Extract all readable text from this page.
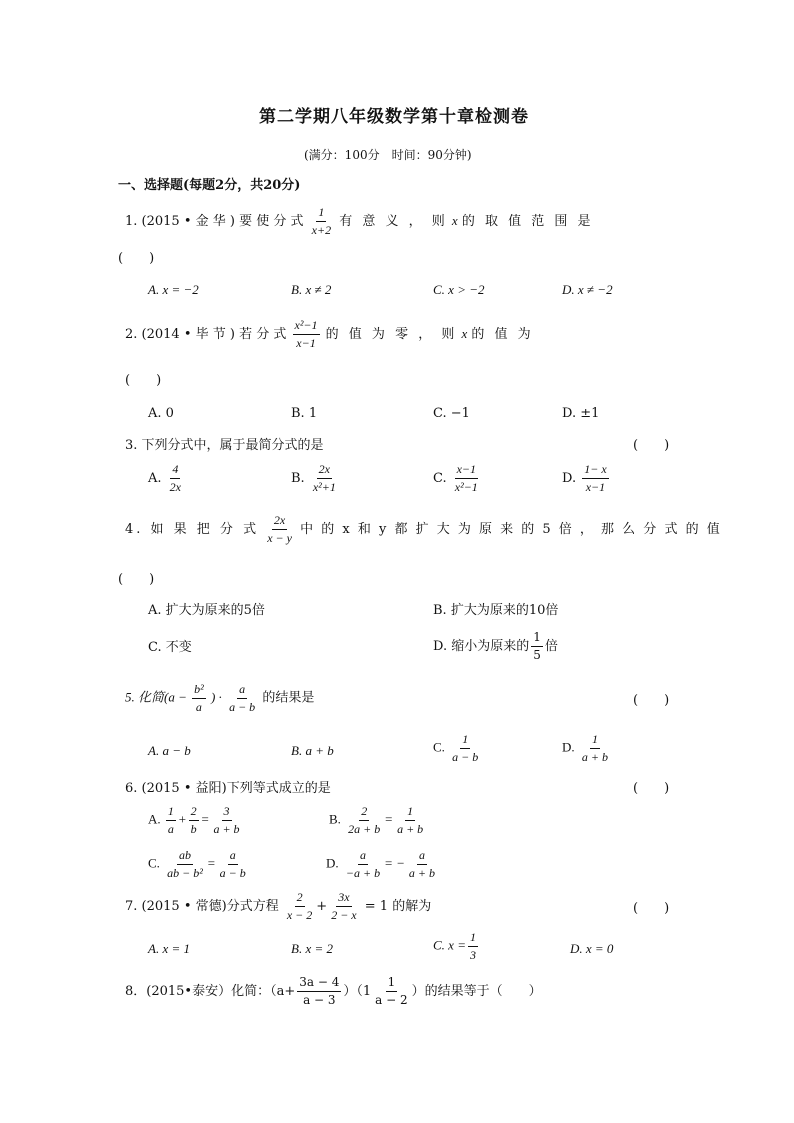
第二学期八年级数学第十章检测卷
(满分：100分　时间：90分钟)
一、选择题(每题2分，共20分)
1. (2015 • 金 华 ) 要 使 分 式 $\frac{1}{x+2}$ 有 意 义 ， 则 x 的 取 值 范 围 是
(　　)
A. x = −2	B. x ≠ 2	C. x > −2	D. x ≠ −2
2. (2014 • 毕 节 ) 若 分 式 $\frac{\text{x²−1}}{x-1}$ 的 值 为 零 ， 则 x 的 值 为
(　　)
A. 0	B. 1	C. −1	D. ±1
3. 下列分式中，属于最简分式的是	(　　)
A. $\frac{4}{2x}$	B. $\frac{2x}{\text{x²+1}}$	C. $\frac{x-1}{\text{x²−1}}$	D. $\frac{1- x}{x-1}$
4. 如 果 把 分 式 $\frac{2x}{x - y}$ 中 的 x 和 y 都 扩 大 为 原 来 的 5 倍 ， 那 么 分 式 的 值
(　　)
A. 扩大为原来的5倍	B. 扩大为原来的10倍
C. 不变	D. 缩小为原来的 $\frac{1}{5}$ 倍
5. 化简($a - \frac{\text{b²}}{a}$ ) · $\frac{a}{a - b}$ 的结果是	(　　)
A. a − b	B. a + b	C. $\frac{1}{a - b}$	D. $\frac{1}{a + b}$
6. (2015 • 益阳)下列等式成立的是	(　　)
A. $\frac{1}{a} + \frac{2}{b} = \frac{3}{a + b}$	B. $\frac{2}{2a + b} = \frac{1}{a + b}$
C. $\frac{ab}{\text{ab − b²}} = \frac{a}{a - b}$	D. $\frac{a}{-a + b}$ = − $\frac{a}{a + b}$
7. (2015 • 常德)分式方程 $\frac{2}{x - 2} + \frac{3x}{2 - x} = 1$ 的解为	(　　)
A. x = 1	B. x = 2	C. $x = \frac{1}{3}$	D. x = 0
8．(2015•泰安）化简：$(a+ \frac{3a - 4}{a - 3} )(1 \frac{1}{a - 2}$ ）的结果等于（　　）
